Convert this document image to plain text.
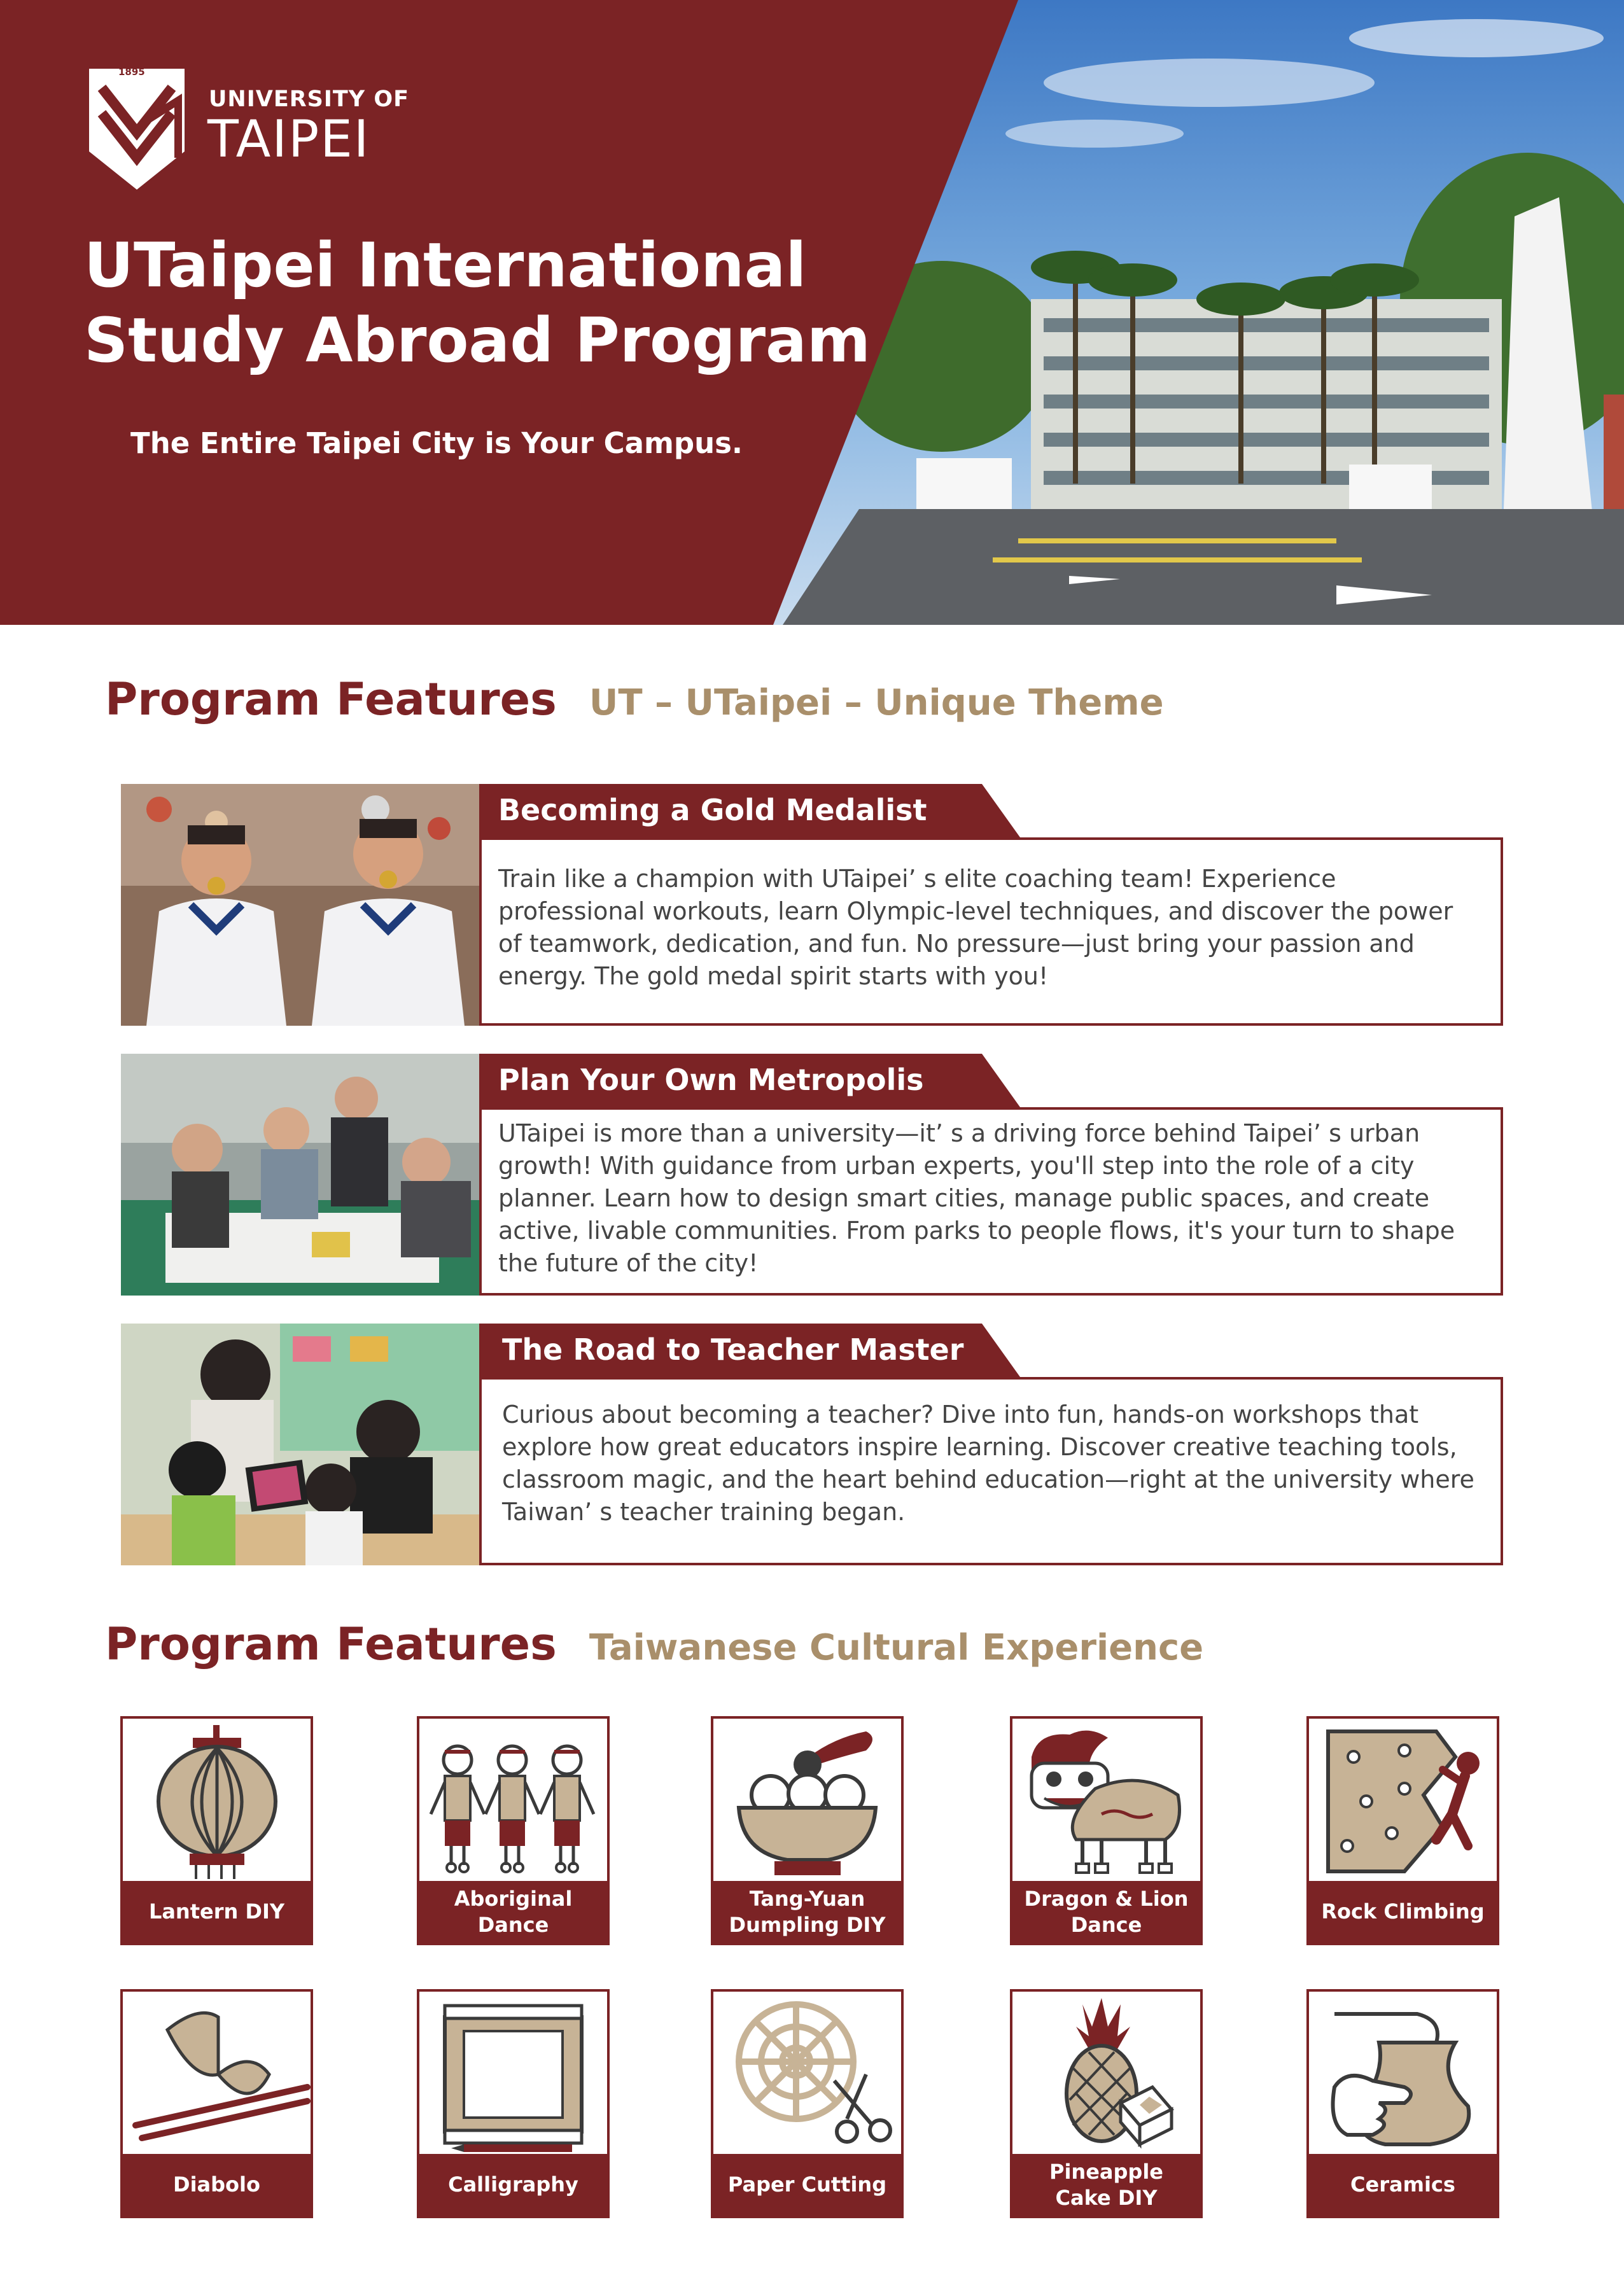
1895
UNIVERSITY OF
TAIPEI
UTaipei International
Study Abroad Program
The Entire Taipei City is Your Campus.
Program Features UT – UTaipei – Unique Theme
Becoming a Gold Medalist

Train like a champion with UTaipei’ s elite coaching team! Experience professional workouts, learn Olympic-level techniques, and discover the power of teamwork, dedication, and fun. No pressure—just bring your passion and energy. The gold medal spirit starts with you!

Plan Your Own Metropolis

UTaipei is more than a university—it’ s a driving force behind Taipei’ s urban growth! With guidance from urban experts, you'll step into the role of a city planner. Learn how to design smart cities, manage public spaces, and create active, livable communities. From parks to people flows, it's your turn to shape the future of the city!

The Road to Teacher Master

Curious about becoming a teacher? Dive into fun, hands-on workshops that explore how great educators inspire learning. Discover creative teaching tools, classroom magic, and the heart behind education—right at the university where Taiwan’ s teacher training began.

Program Features Taiwanese Cultural Experience
Lantern DIY
Aboriginal Dance
Tang-Yuan Dumpling DIY
Dragon & Lion Dance
Rock Climbing
Diabolo	Calligraphy	Paper Cutting
Pineapple Cake DIY
Ceramics
